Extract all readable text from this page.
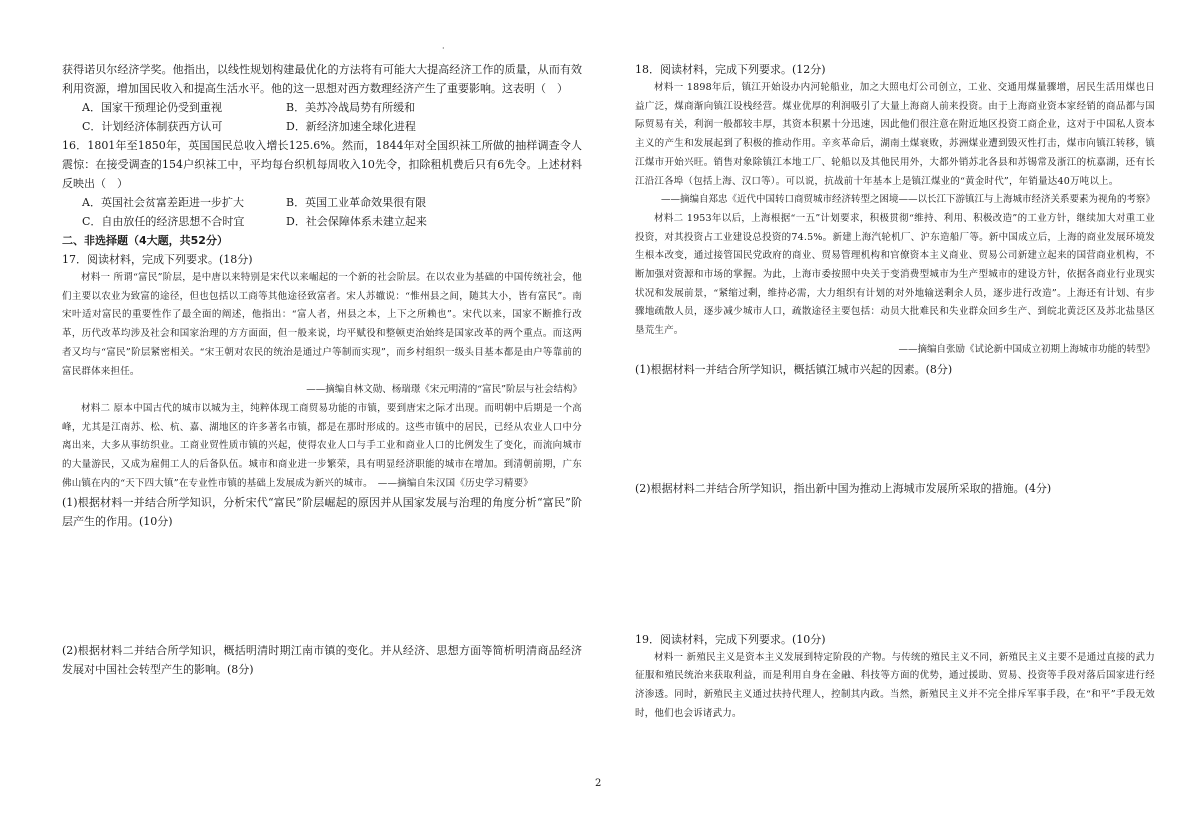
·

获得诺贝尔经济学奖。他指出，以线性规划构建最优化的方法将有可能大大提高经济工作的质量，从而有效利用资源，增加国民收入和提高生活水平。他的这一思想对西方数理经济产生了重要影响。这表明（　）

A．国家干预理论仍受到重视	B．美苏冷战局势有所缓和
C．计划经济体制获西方认可	D．新经济加速全球化进程

16．1801年至1850年，英国国民总收入增长125.6%。然而，1844年对全国织袜工所做的抽样调查令人震惊：在接受调查的154户织袜工中，平均每台织机每周收入10先令，扣除租机费后只有6先令。上述材料反映出（　）

A．英国社会贫富差距进一步扩大	B．英国工业革命效果很有限
C．自由放任的经济思想不合时宜	D．社会保障体系未建立起来

二、非选择题（4大题，共52分）

17．阅读材料，完成下列要求。(18分)

材料一 所谓“富民”阶层，是中唐以来特别是宋代以来崛起的一个新的社会阶层。在以农业为基础的中国传统社会，他们主要以农业为致富的途径，但也包括以工商等其他途径致富者。宋人苏辙说：“惟州县之间，随其大小，皆有富民”。南宋叶适对富民的重要性作了最全面的阐述，他指出：“富人者，州县之本，上下之所赖也”。宋代以来，国家不断推行改革，历代改革均涉及社会和国家治理的方方面面，但一般来说，均平赋役和整顿吏治始终是国家改革的两个重点。而这两者又均与“富民”阶层紧密相关。“宋王朝对农民的统治是通过户等制而实现”，而乡村组织一级头目基本都是由户等靠前的富民群体来担任。

——摘编自林文勋、杨瑞璟《宋元明清的“富民”阶层与社会结构》

材料二 原本中国古代的城市以城为主，纯粹体现工商贸易功能的市镇，要到唐宋之际才出现。而明朝中后期是一个高峰，尤其是江南苏、松、杭、嘉、湖地区的许多著名市镇，都是在那时形成的。这些市镇中的居民，已经从农业人口中分离出来，大多从事纺织业。工商业贸性质市镇的兴起，使得农业人口与手工业和商业人口的比例发生了变化，而流向城市的大量游民，又成为雇佣工人的后备队伍。城市和商业进一步繁荣，具有明显经济职能的城市在增加。到清朝前期，广东佛山镇在内的“天下四大镇”在专业性市镇的基础上发展成为新兴的城市。　——摘编自朱汉国《历史学习精要》

(1)根据材料一并结合所学知识，分析宋代“富民”阶层崛起的原因并从国家发展与治理的角度分析“富民”阶层产生的作用。(10分)

(2)根据材料二并结合所学知识，概括明清时期江南市镇的变化。并从经济、思想方面等简析明清商品经济发展对中国社会转型产生的影响。(8分)

18．阅读材料，完成下列要求。(12分)

材料一 1898年后，镇江开始设办内河轮船业，加之大照电灯公司创立，工业、交通用煤量骤增，居民生活用煤也日益广泛，煤商渐向镇江设栈经营。煤业优厚的利润吸引了大量上海商人前来投资。由于上海商业资本家经销的商品都与国际贸易有关，利润一般都较丰厚，其资本积累十分迅速，因此他们很注意在附近地区投资工商企业，这对于中国私人资本主义的产生和发展起到了积极的推动作用。辛亥革命后，湖南土煤衰败，苏洲煤业遭到毁灭性打击，煤市向镇江转移，镇江煤市开始兴旺。销售对象除镇江本地工厂、轮船以及其他民用外，大都外销苏北各县和苏锡常及浙江的杭嘉湖，还有长江沿江各埠（包括上海、汉口等）。可以说，抗战前十年基本上是镇江煤业的“黄金时代”，年销量达40万吨以上。

——摘编自郑忠《近代中国转口商贸城市经济转型之困境——以长江下游镇江与上海城市经济关系要素为视角的考察》

材料二 1953年以后，上海根据“一五”计划要求，积极贯彻“维持、利用、积极改造”的工业方针，继续加大对重工业投资，对其投资占工业建设总投资的74.5%。新建上海汽轮机厂、沪东造船厂等。新中国成立后，上海的商业发展环境发生根本改变，通过接管国民党政府的商业、贸易管理机构和官僚资本主义商业、贸易公司新建立起来的国营商业机构，不断加强对资源和市场的掌握。为此，上海市委按照中央关于变消费型城市为生产型城市的建设方针，依据各商业行业现实状况和发展前景，“紧缩过剩，维持必需，大力组织有计划的对外地输送剩余人员，逐步进行改造”。上海还有计划、有步骤地疏散人员，逐步减少城市人口，疏散途径主要包括：动员大批难民和失业群众回乡生产、到皖北黄泛区及苏北盐垦区垦荒生产。

——摘编自张励《试论新中国成立初期上海城市功能的转型》

(1)根据材料一并结合所学知识，概括镇江城市兴起的因素。(8分)

(2)根据材料二并结合所学知识，指出新中国为推动上海城市发展所采取的措施。(4分)

19．阅读材料，完成下列要求。(10分)

材料一 新殖民主义是资本主义发展到特定阶段的产物。与传统的殖民主义不同，新殖民主义主要不是通过直接的武力征服和殖民统治来获取利益，而是利用自身在金融、科技等方面的优势，通过援助、贸易、投资等手段对落后国家进行经济渗透。同时，新殖民主义通过扶持代理人，控制其内政。当然，新殖民主义并不完全排斥军事手段，在“和平”手段无效时，他们也会诉诸武力。

2
